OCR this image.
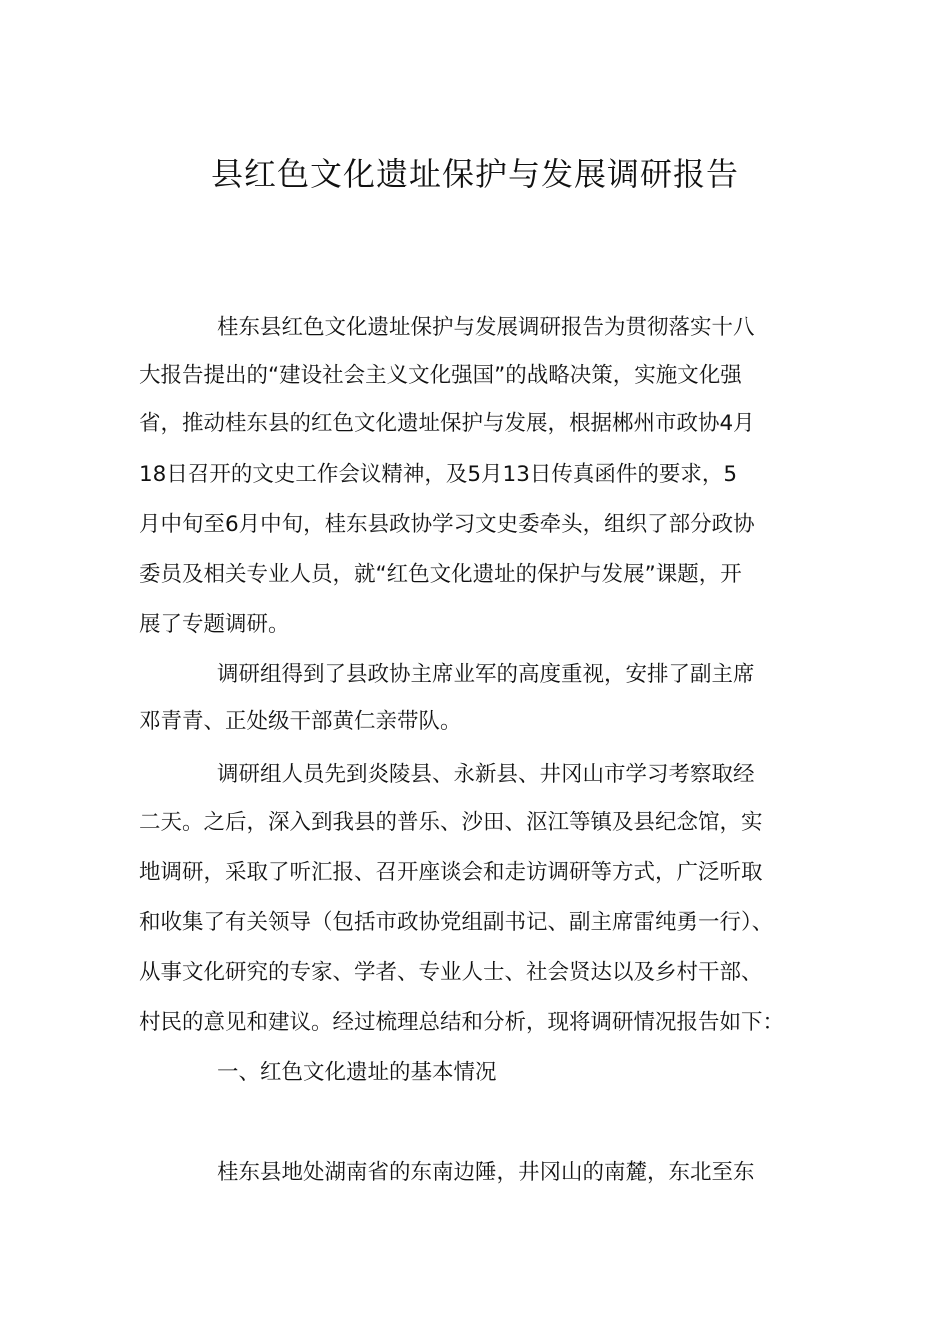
县红色文化遗址保护与发展调研报告
桂东县红色文化遗址保护与发展调研报告为贯彻落实十八
大报告提出的“建设社会主义文化强国”的战略决策，实施文化强
省，推动桂东县的红色文化遗址保护与发展，根据郴州市政协4月
18日召开的文史工作会议精神，及5月13日传真函件的要求，5
月中旬至6月中旬，桂东县政协学习文史委牵头，组织了部分政协
委员及相关专业人员，就“红色文化遗址的保护与发展”课题，开
展了专题调研。
调研组得到了县政协主席业军的高度重视，安排了副主席
邓青青、正处级干部黄仁亲带队。
调研组人员先到炎陵县、永新县、井冈山市学习考察取经
二天。之后，深入到我县的普乐、沙田、沤江等镇及县纪念馆，实
地调研，采取了听汇报、召开座谈会和走访调研等方式，广泛听取
和收集了有关领导（包括市政协党组副书记、副主席雷纯勇一行）、
从事文化研究的专家、学者、专业人士、社会贤达以及乡村干部、
村民的意见和建议。经过梳理总结和分析，现将调研情况报告如下：
一、红色文化遗址的基本情况
桂东县地处湖南省的东南边陲，井冈山的南麓，东北至东
